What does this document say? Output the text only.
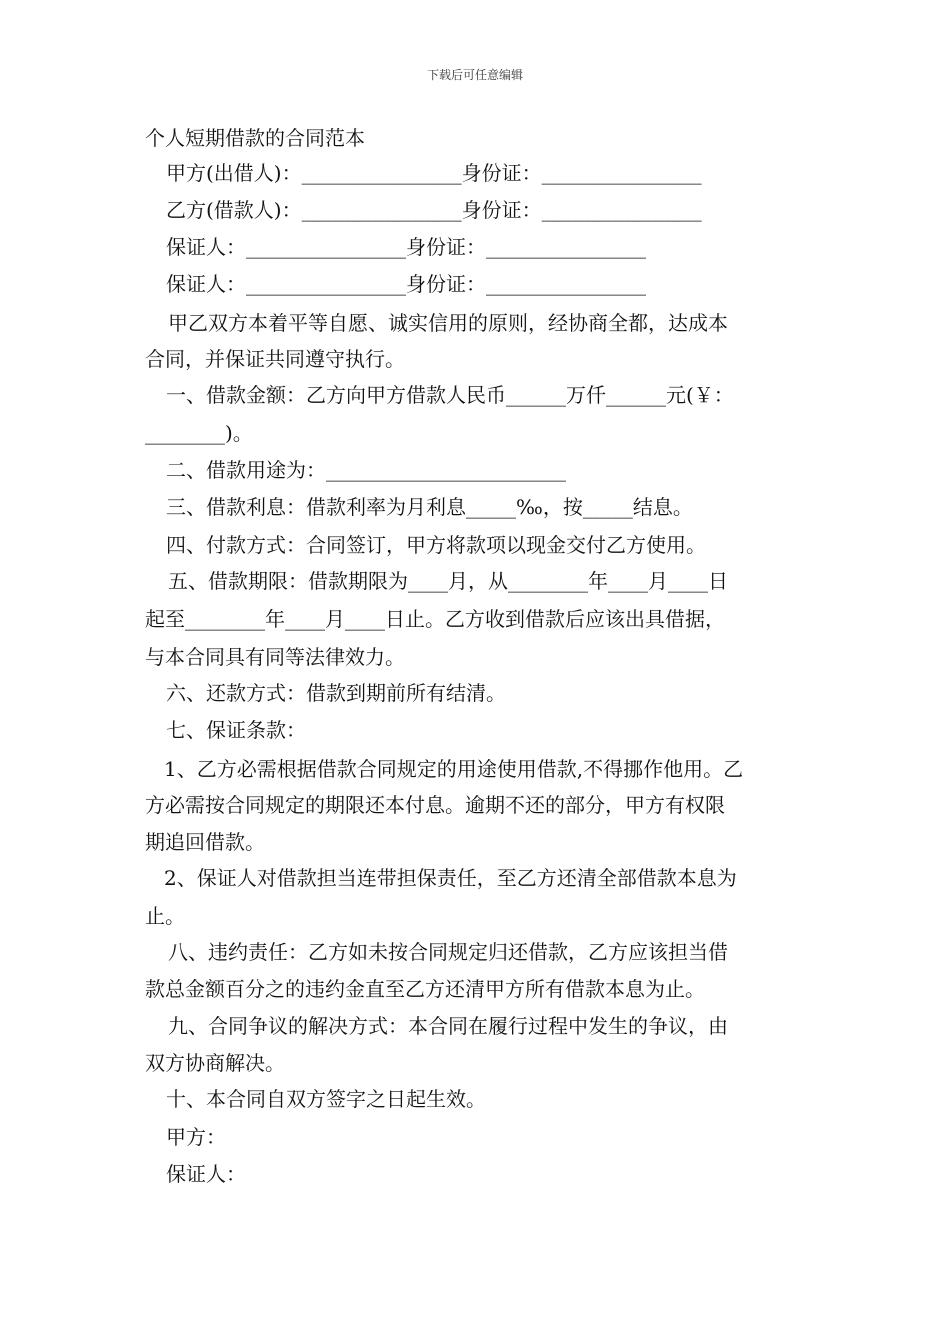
下载后可任意编辑
个人短期借款的合同范本
甲方(出借人)：________________身份证：________________
乙方(借款人)：________________身份证：________________
保证人：________________身份证：________________
保证人：________________身份证：________________
甲乙双方本着平等自愿、诚实信用的原则，经协商全都，达成本
合同，并保证共同遵守执行。
一、借款金额：乙方向甲方借款人民币______万仟______元(￥：
________)。
二、借款用途为：________________________
三、借款利息：借款利率为月利息_____‰，按_____结息。
四、付款方式：合同签订，甲方将款项以现金交付乙方使用。
五、借款期限：借款期限为____月，从________年____月____日
起至________年____月____日止。乙方收到借款后应该出具借据，
与本合同具有同等法律效力。
六、还款方式：借款到期前所有结清。
七、保证条款：
1、乙方必需根据借款合同规定的用途使用借款,不得挪作他用。乙
方必需按合同规定的期限还本付息。逾期不还的部分，甲方有权限
期追回借款。
2、保证人对借款担当连带担保责任，至乙方还清全部借款本息为
止。
八、违约责任：乙方如未按合同规定归还借款，乙方应该担当借
款总金额百分之的违约金直至乙方还清甲方所有借款本息为止。
九、合同争议的解决方式：本合同在履行过程中发生的争议，由
双方协商解决。
十、本合同自双方签字之日起生效。
甲方：
保证人：
